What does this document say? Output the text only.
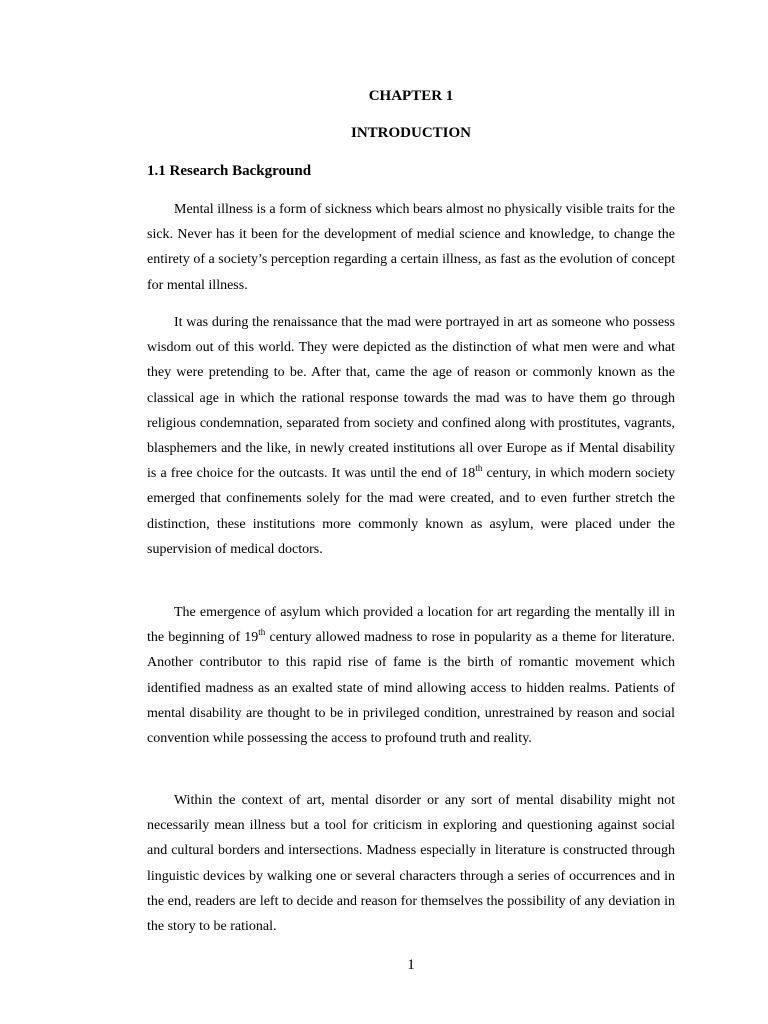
CHAPTER 1
INTRODUCTION
1.1 Research Background

Mental illness is a form of sickness which bears almost no physically visible traits for the sick. Never has it been for the development of medial science and knowledge, to change the entirety of a society’s perception regarding a certain illness, as fast as the evolution of concept for mental illness.

It was during the renaissance that the mad were portrayed in art as someone who possess wisdom out of this world. They were depicted as the distinction of what men were and what they were pretending to be. After that, came the age of reason or commonly known as the classical age in which the rational response towards the mad was to have them go through religious condemnation, separated from society and confined along with prostitutes, vagrants, blasphemers and the like, in newly created institutions all over Europe as if Mental disability is a free choice for the outcasts. It was until the end of 18th century, in which modern society emerged that confinements solely for the mad were created, and to even further stretch the distinction, these institutions more commonly known as asylum, were placed under the supervision of medical doctors.

The emergence of asylum which provided a location for art regarding the mentally ill in the beginning of 19th century allowed madness to rose in popularity as a theme for literature. Another contributor to this rapid rise of fame is the birth of romantic movement which identified madness as an exalted state of mind allowing access to hidden realms. Patients of mental disability are thought to be in privileged condition, unrestrained by reason and social convention while possessing the access to profound truth and reality.

Within the context of art, mental disorder or any sort of mental disability might not necessarily mean illness but a tool for criticism in exploring and questioning against social and cultural borders and intersections. Madness especially in literature is constructed through linguistic devices by walking one or several characters through a series of occurrences and in the end, readers are left to decide and reason for themselves the possibility of any deviation in the story to be rational.

1
